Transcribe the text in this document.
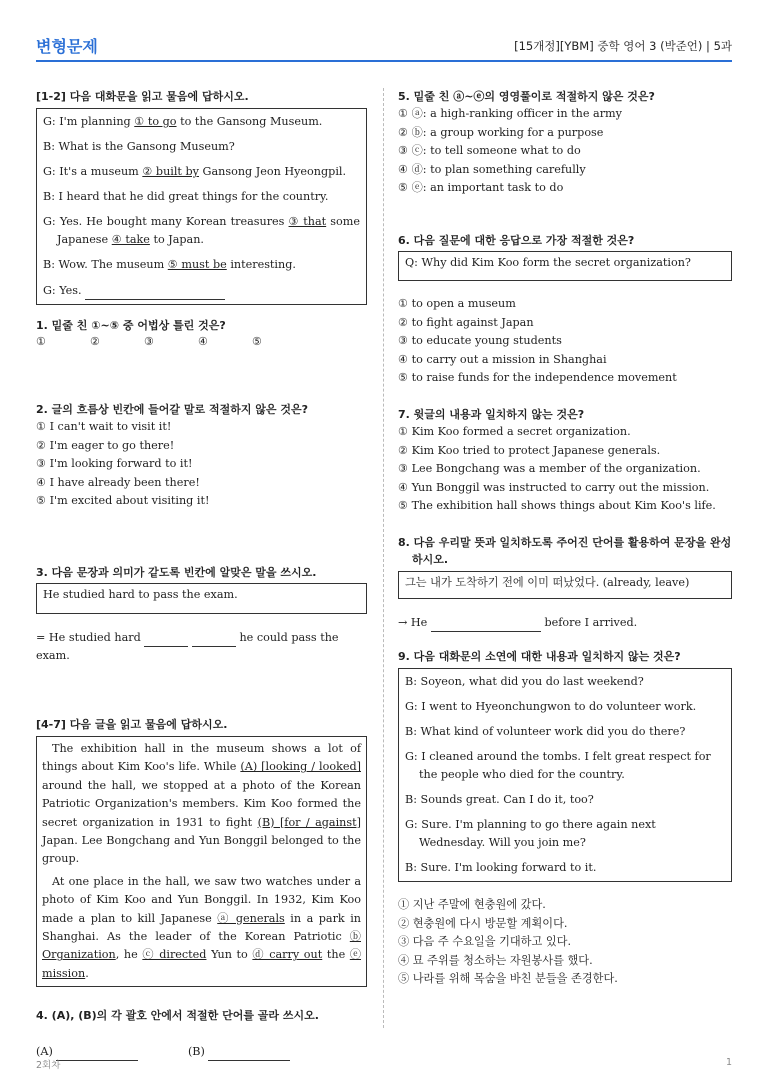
변형문제	[15개정][YBM] 중학 영어 3 (박준언) | 5과

[1-2] 다음 대화문을 읽고 물음에 답하시오.

G: I'm planning ① to go to the Gansong Museum.

B: What is the Gansong Museum?

G: It's a museum ② built by Gansong Jeon Hyeongpil.

B: I heard that he did great things for the country.

G: Yes. He bought many Korean treasures ③ that some Japanese ④ take to Japan.

B: Wow. The museum ⑤ must be interesting.

G: Yes.

1. 밑줄 친 ①~⑤ 중 어법상 틀린 것은?

①	②	③	④	⑤

2. 글의 흐름상 빈칸에 들어갈 말로 적절하지 않은 것은?

① I can't wait to visit it!

② I'm eager to go there!

③ I'm looking forward to it!

④ I have already been there!

⑤ I'm excited about visiting it!

3. 다음 문장과 의미가 같도록 빈칸에 알맞은 말을 쓰시오.

He studied hard to pass the exam.

= He studied hard	he could pass the exam.

[4-7] 다음 글을 읽고 물음에 답하시오.

The exhibition hall in the museum shows a lot of things about Kim Koo's life. While (A) [looking / looked] around the hall, we stopped at a photo of the Korean Patriotic Organization's members. Kim Koo formed the secret organization in 1931 to fight (B) [for / against] Japan. Lee Bongchang and Yun Bonggil belonged to the group.

At one place in the hall, we saw two watches under a photo of Kim Koo and Yun Bonggil. In 1932, Kim Koo made a plan to kill Japanese ⓐ generals in a park in Shanghai. As the leader of the Korean Patriotic ⓑ Organization, he ⓒ directed Yun to ⓓ carry out the ⓔ mission.

4. (A), (B)의 각 괄호 안에서 적절한 단어를 골라 쓰시오.

(A)	(B)

5. 밑줄 친 ⓐ~ⓔ의 영영풀이로 적절하지 않은 것은?

① ⓐ: a high-ranking officer in the army

② ⓑ: a group working for a purpose

③ ⓒ: to tell someone what to do

④ ⓓ: to plan something carefully

⑤ ⓔ: an important task to do

6. 다음 질문에 대한 응답으로 가장 적절한 것은?

Q: Why did Kim Koo form the secret organization?

① to open a museum

② to fight against Japan

③ to educate young students

④ to carry out a mission in Shanghai

⑤ to raise funds for the independence movement

7. 윗글의 내용과 일치하지 않는 것은?

① Kim Koo formed a secret organization.

② Kim Koo tried to protect Japanese generals.

③ Lee Bongchang was a member of the organization.

④ Yun Bonggil was instructed to carry out the mission.

⑤ The exhibition hall shows things about Kim Koo's life.

8. 다음 우리말 뜻과 일치하도록 주어진 단어를 활용하여 문장을 완성하시오.

그는 내가 도착하기 전에 이미 떠났었다. (already, leave)

→ He	before I arrived.

9. 다음 대화문의 소연에 대한 내용과 일치하지 않는 것은?

B: Soyeon, what did you do last weekend?

G: I went to Hyeonchungwon to do volunteer work.

B: What kind of volunteer work did you do there?

G: I cleaned around the tombs. I felt great respect for the people who died for the country.

B: Sounds great. Can I do it, too?

G: Sure. I'm planning to go there again next Wednesday. Will you join me?

B: Sure. I'm looking forward to it.

① 지난 주말에 현충원에 갔다.

② 현충원에 다시 방문할 계획이다.

③ 다음 주 수요일을 기대하고 있다.

④ 묘 주위를 청소하는 자원봉사를 했다.

⑤ 나라를 위해 목숨을 바친 분들을 존경한다.

2회차	1
